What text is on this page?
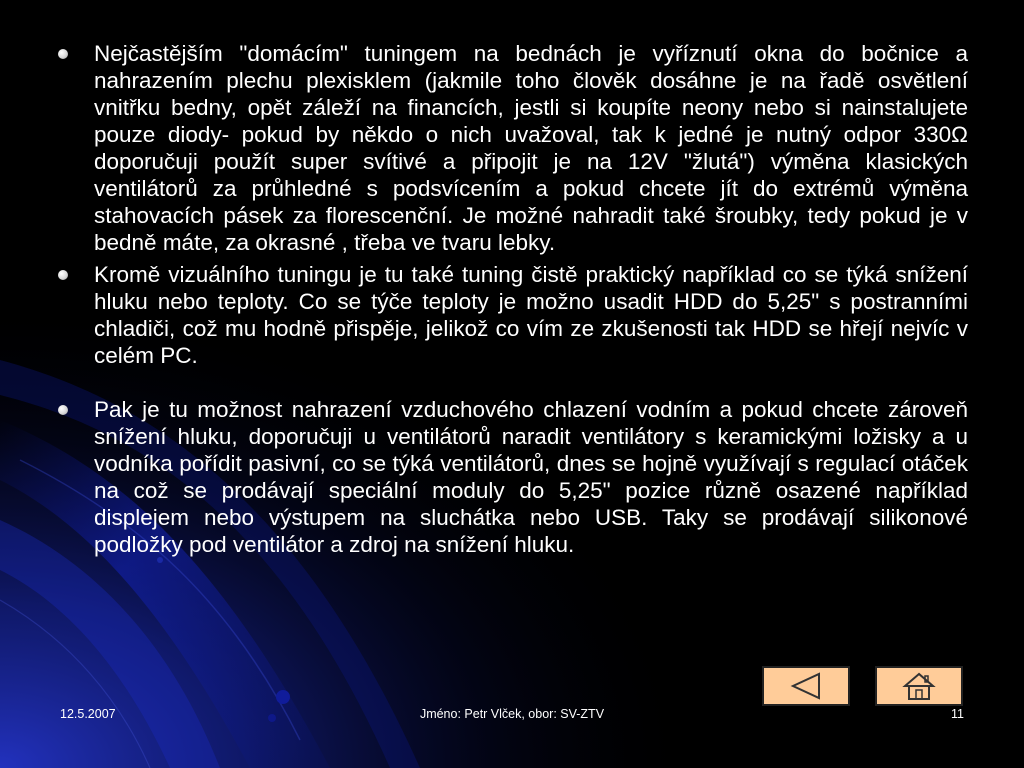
Nejčastějším "domácím" tuningem na bednách je vyříznutí okna do bočnice a nahrazením plechu plexisklem (jakmile toho člověk dosáhne je na řadě osvětlení vnitřku bedny, opět záleží na financích, jestli si koupíte neony nebo si nainstalujete pouze diody- pokud by někdo o nich uvažoval, tak k jedné je nutný odpor 330Ω doporučuji použít super svítivé a připojit je na 12V "žlutá") výměna klasických ventilátorů za průhledné s podsvícením a pokud chcete jít do extrémů výměna stahovacích pásek za florescenční. Je možné nahradit také šroubky, tedy pokud je v bedně máte, za okrasné , třeba ve tvaru lebky.
Kromě vizuálního tuningu je tu také tuning čistě praktický například co se týká snížení hluku nebo teploty. Co se týče teploty je možno usadit HDD do 5,25" s postranními chladiči, což mu hodně přispěje, jelikož co vím ze zkušenosti tak HDD se hřejí nejvíc v celém PC.
Pak je tu možnost nahrazení vzduchového chlazení vodním a pokud chcete zároveň snížení hluku, doporučuji u ventilátorů naradit ventilátory s keramickými ložisky a u vodníka pořídit pasivní, co se týká ventilátorů, dnes se hojně využívají s regulací otáček na což se prodávají speciální moduly do 5,25" pozice různě osazené například displejem nebo výstupem na sluchátka nebo USB. Taky se prodávají silikonové podložky pod ventilátor a zdroj na snížení hluku.
12.5.2007	Jméno: Petr Vlček, obor: SV-ZTV	11
